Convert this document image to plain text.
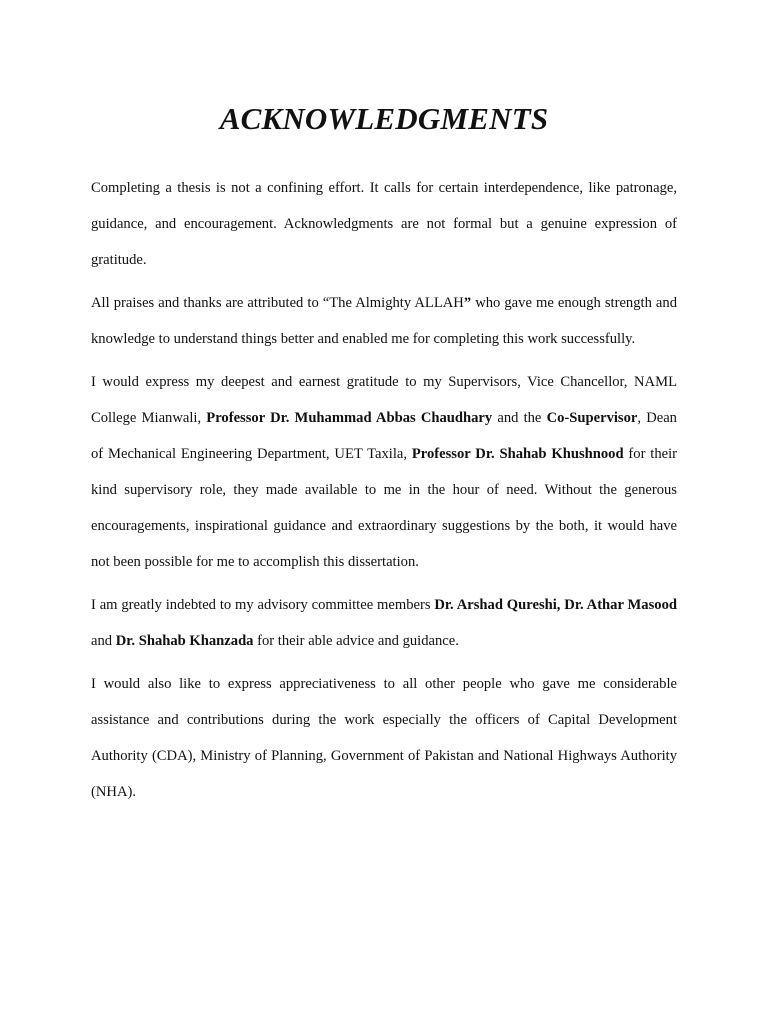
ACKNOWLEDGMENTS

Completing a thesis is not a confining effort. It calls for certain interdependence, like patronage, guidance, and encouragement. Acknowledgments are not formal but a genuine expression of gratitude.

All praises and thanks are attributed to “The Almighty ALLAH” who gave me enough strength and knowledge to understand things better and enabled me for completing this work successfully.

I would express my deepest and earnest gratitude to my Supervisors, Vice Chancellor, NAML College Mianwali, Professor Dr. Muhammad Abbas Chaudhary and the Co-Supervisor, Dean of Mechanical Engineering Department, UET Taxila, Professor Dr. Shahab Khushnood for their kind supervisory role, they made available to me in the hour of need. Without the generous encouragements, inspirational guidance and extraordinary suggestions by the both, it would have not been possible for me to accomplish this dissertation.

I am greatly indebted to my advisory committee members Dr. Arshad Qureshi, Dr. Athar Masood and Dr. Shahab Khanzada for their able advice and guidance.

I would also like to express appreciativeness to all other people who gave me considerable assistance and contributions during the work especially the officers of Capital Development Authority (CDA), Ministry of Planning, Government of Pakistan and National Highways Authority (NHA).
